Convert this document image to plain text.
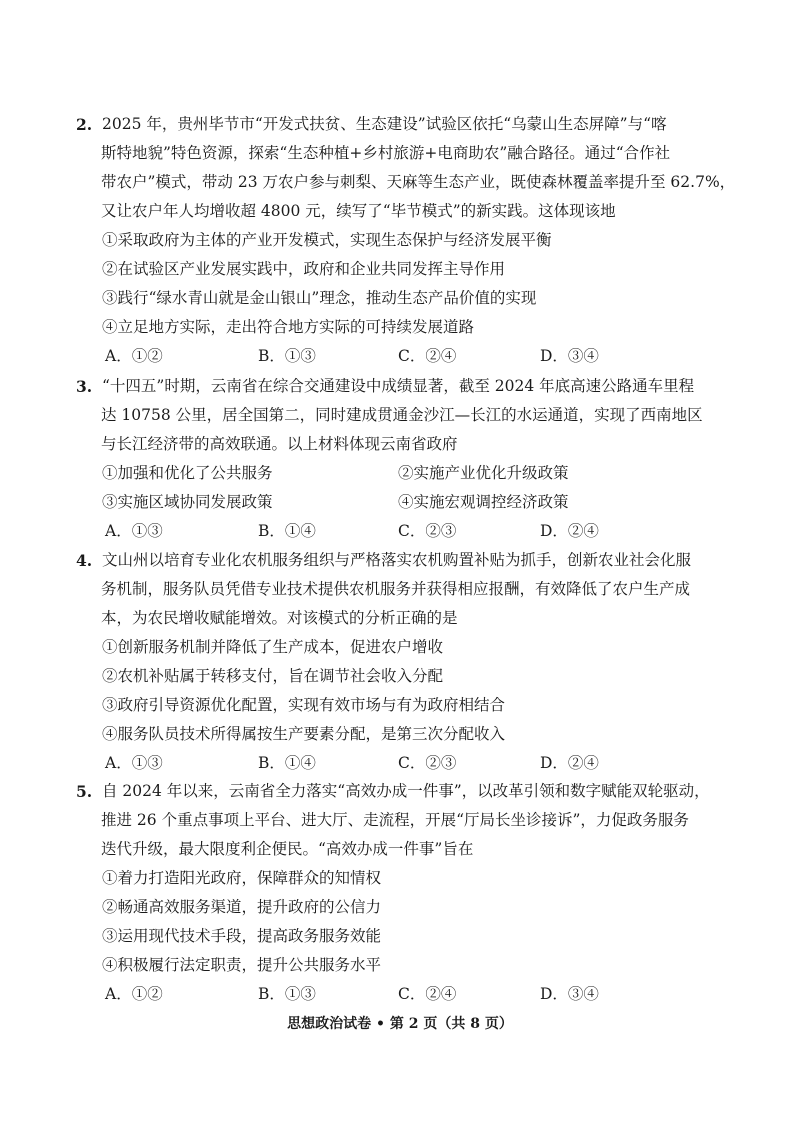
2. 2025 年，贵州毕节市“开发式扶贫、生态建设”试验区依托“乌蒙山生态屏障”与“喀
斯特地貌”特色资源，探索“生态种植+乡村旅游+电商助农”融合路径。通过“合作社
带农户”模式，带动 23 万农户参与刺梨、天麻等生态产业，既使森林覆盖率提升至 62.7%，
又让农户年人均增收超 4800 元，续写了“毕节模式”的新实践。这体现该地
①采取政府为主体的产业开发模式，实现生态保护与经济发展平衡
②在试验区产业发展实践中，政府和企业共同发挥主导作用
③践行“绿水青山就是金山银山”理念，推动生态产品价值的实现
④立足地方实际，走出符合地方实际的可持续发展道路
A．①②	B．①③	C．②④	D．③④
3. “十四五”时期，云南省在综合交通建设中成绩显著，截至 2024 年底高速公路通车里程
达 10758 公里，居全国第二，同时建成贯通金沙江—长江的水运通道，实现了西南地区
与长江经济带的高效联通。以上材料体现云南省政府
①加强和优化了公共服务	②实施产业优化升级政策
③实施区域协同发展政策	④实施宏观调控经济政策
A．①③	B．①④	C．②③	D．②④
4. 文山州以培育专业化农机服务组织与严格落实农机购置补贴为抓手，创新农业社会化服
务机制，服务队员凭借专业技术提供农机服务并获得相应报酬，有效降低了农户生产成
本，为农民增收赋能增效。对该模式的分析正确的是
①创新服务机制并降低了生产成本，促进农户增收
②农机补贴属于转移支付，旨在调节社会收入分配
③政府引导资源优化配置，实现有效市场与有为政府相结合
④服务队员技术所得属按生产要素分配，是第三次分配收入
A．①③	B．①④	C．②③	D．②④
5. 自 2024 年以来，云南省全力落实“高效办成一件事”，以改革引领和数字赋能双轮驱动，
推进 26 个重点事项上平台、进大厅、走流程，开展“厅局长坐诊接诉”，力促政务服务
迭代升级，最大限度利企便民。“高效办成一件事”旨在
①着力打造阳光政府，保障群众的知情权
②畅通高效服务渠道，提升政府的公信力
③运用现代技术手段，提高政务服务效能
④积极履行法定职责，提升公共服务水平
A．①②	B．①③	C．②④	D．③④
思想政治试卷 • 第 2 页（共 8 页）
